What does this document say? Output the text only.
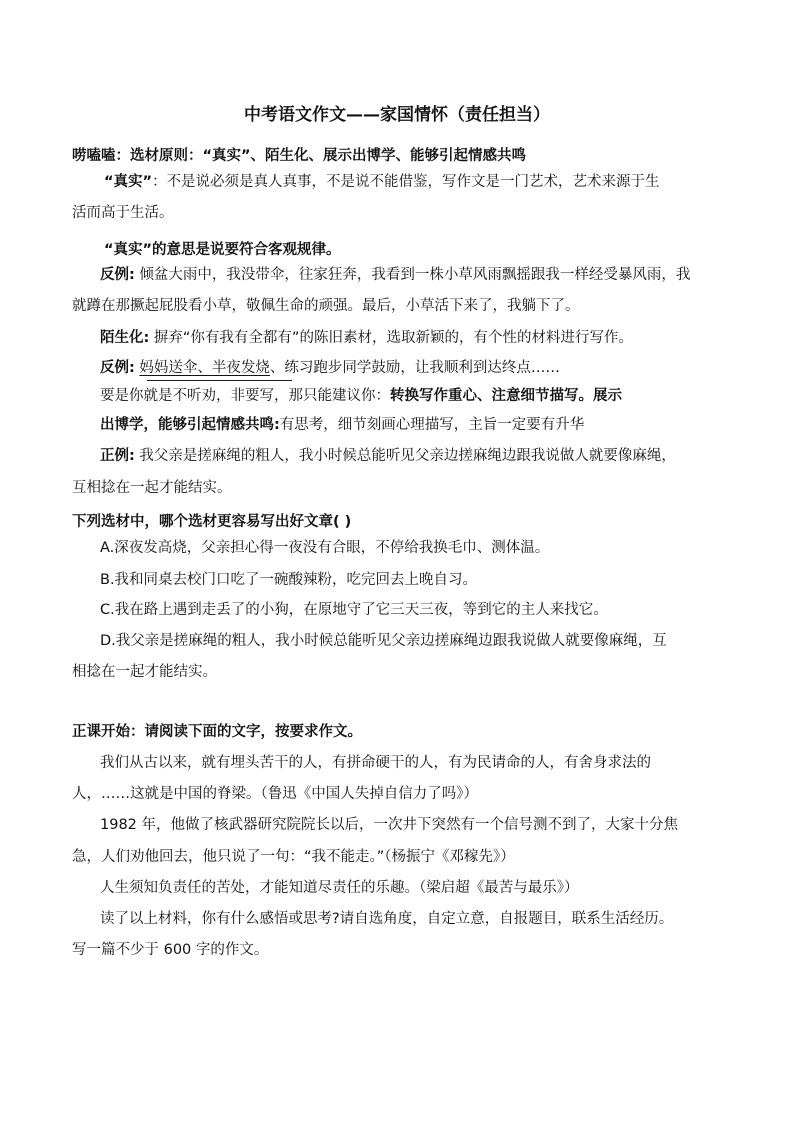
中考语文作文——家国情怀（责任担当）
唠嗑嗑：选材原则：“真实”、陌生化、展示出博学、能够引起情感共鸣
“真实”：不是说必须是真人真事，不是说不能借鉴，写作文是一门艺术，艺术来源于生
活而高于生活。
“真实”的意思是说要符合客观规律。
反例: 倾盆大雨中，我没带伞，往家狂奔，我看到一株小草风雨飘摇跟我一样经受暴风雨，我
就蹲在那撅起屁股看小草，敬佩生命的顽强。最后，小草活下来了，我躺下了。
陌生化: 摒弃“你有我有全都有”的陈旧素材，选取新颖的，有个性的材料进行写作。
反例: 妈妈送伞、半夜发烧、练习跑步同学鼓励，让我顺利到达终点……
要是你就是不听劝，非要写，那只能建议你：转换写作重心、注意细节描写。展示
出博学，能够引起情感共鸣:有思考，细节刻画心理描写，主旨一定要有升华
正例: 我父亲是搓麻绳的粗人，我小时候总能听见父亲边搓麻绳边跟我说做人就要像麻绳，
互相捻在一起才能结实。
下列选材中，哪个选材更容易写出好文章( )
A.深夜发高烧，父亲担心得一夜没有合眼，不停给我换毛巾、测体温。
B.我和同桌去校门口吃了一碗酸辣粉，吃完回去上晚自习。
C.我在路上遇到走丢了的小狗，在原地守了它三天三夜，等到它的主人来找它。
D.我父亲是搓麻绳的粗人，我小时候总能听见父亲边搓麻绳边跟我说做人就要像麻绳，互
相捻在一起才能结实。
正课开始：请阅读下面的文字，按要求作文。
我们从古以来，就有埋头苦干的人，有拼命硬干的人，有为民请命的人，有舍身求法的
人，……这就是中国的脊梁。（鲁迅《中国人失掉自信力了吗》）
1982 年，他做了核武器研究院院长以后，一次井下突然有一个信号测不到了，大家十分焦
急，人们劝他回去，他只说了一句：“我不能走。”（杨振宁《邓稼先》）
人生须知负责任的苦处，才能知道尽责任的乐趣。（梁启超《最苦与最乐》）
读了以上材料，你有什么感悟或思考?请自选角度，自定立意，自报题目，联系生活经历。
写一篇不少于 600 字的作文。
